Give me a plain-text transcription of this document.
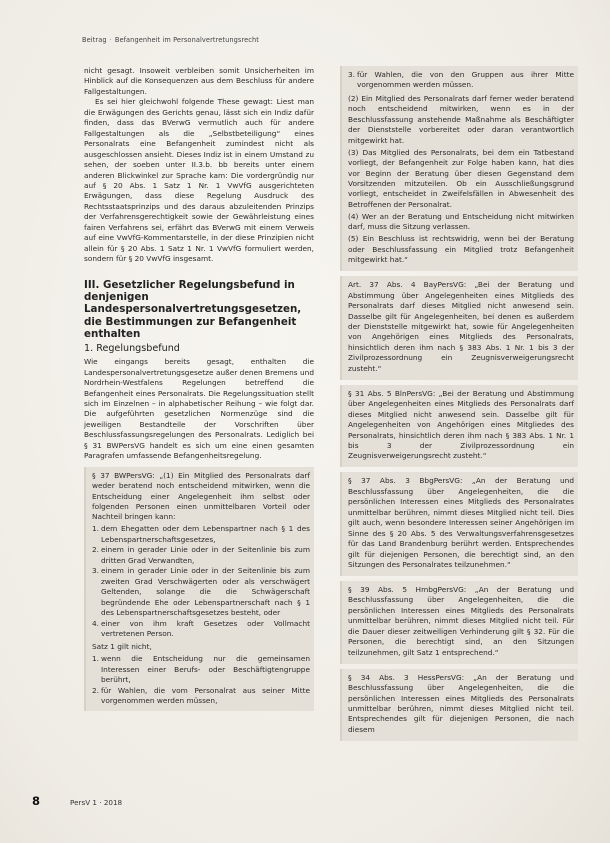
Beitrag · Befangenheit im Personalvertretungsrecht

nicht gesagt. Insoweit verbleiben somit Unsicherheiten im Hinblick auf die Konsequenzen aus dem Beschluss für andere Fallgestaltungen.

Es sei hier gleichwohl folgende These gewagt: Liest man die Erwägungen des Gerichts genau, lässt sich ein Indiz dafür finden, dass das BVerwG vermutlich auch für andere Fallgestaltungen als die „Selbstbeteiligung“ eines Personalrats eine Befangenheit zumindest nicht als ausgeschlossen ansieht. Dieses Indiz ist in einem Umstand zu sehen, der soeben unter II.3.b. bb bereits unter einem anderen Blickwinkel zur Sprache kam: Die vordergründig nur auf § 20 Abs. 1 Satz 1 Nr. 1 VwVfG ausgerichteten Erwägungen, dass diese Regelung Ausdruck des Rechtsstaatsprinzips und des daraus abzuleitenden Prinzips der Verfahrensgerechtigkeit sowie der Gewährleistung eines fairen Verfahrens sei, erfährt das BVerwG mit einem Verweis auf eine VwVfG-Kommentarstelle, in der diese Prinzipien nicht allein für § 20 Abs. 1 Satz 1 Nr. 1 VwVfG formuliert werden, sondern für § 20 VwVfG insgesamt.

III. Gesetzlicher Regelungsbefund in denjenigen Landespersonalvertretungsgesetzen, die Bestimmungen zur Befangenheit enthalten
1. Regelungsbefund

Wie eingangs bereits gesagt, enthalten die Landespersonalvertretungsgesetze außer denen Bremens und Nordrhein-Westfalens Regelungen betreffend die Befangenheit eines Personalrats. Die Regelungssituation stellt sich im Einzelnen – in alphabetischer Reihung – wie folgt dar. Die aufgeführten gesetzlichen Normenzüge sind die jeweiligen Bestandteile der Vorschriften über Beschlussfassungsregelungen des Personalrats. Lediglich bei § 31 BWPersVG handelt es sich um eine einen gesamten Paragrafen umfassende Befangenheitsregelung.

§ 37 BWPersVG: „(1) Ein Mitglied des Personalrats darf weder beratend noch entscheidend mitwirken, wenn die Entscheidung einer Angelegenheit ihm selbst oder folgenden Personen einen unmittelbaren Vorteil oder Nachteil bringen kann:

1. dem Ehegatten oder dem Lebenspartner nach § 1 des Lebenspartnerschaftsgesetzes,
2. einem in gerader Linie oder in der Seitenlinie bis zum dritten Grad Verwandten,
3. einem in gerader Linie oder in der Seitenlinie bis zum zweiten Grad Verschwägerten oder als verschwägert Geltenden, solange die die Schwägerschaft begründende Ehe oder Lebenspartnerschaft nach § 1 des Lebenspartnerschaftsgesetzes besteht, oder
4. einer von ihm kraft Gesetzes oder Vollmacht vertretenen Person.

Satz 1 gilt nicht,

1. wenn die Entscheidung nur die gemeinsamen Interessen einer Berufs- oder Beschäftigtengruppe berührt,
2. für Wahlen, die vom Personalrat aus seiner Mitte vorgenommen werden müssen,
3. für Wahlen, die von den Gruppen aus ihrer Mitte vorgenommen werden müssen.

(2) Ein Mitglied des Personalrats darf ferner weder beratend noch entscheidend mitwirken, wenn es in der Beschlussfassung anstehende Maßnahme als Beschäftigter der Dienststelle vorbereitet oder daran verantwortlich mitgewirkt hat.

(3) Das Mitglied des Personalrats, bei dem ein Tatbestand vorliegt, der Befangenheit zur Folge haben kann, hat dies vor Beginn der Beratung über diesen Gegenstand dem Vorsitzenden mitzuteilen. Ob ein Ausschließungsgrund vorliegt, entscheidet in Zweifelsfällen in Abwesenheit des Betroffenen der Personalrat.

(4) Wer an der Beratung und Entscheidung nicht mitwirken darf, muss die Sitzung verlassen.

(5) Ein Beschluss ist rechtswidrig, wenn bei der Beratung oder Beschlussfassung ein Mitglied trotz Befangenheit mitgewirkt hat.“

Art. 37 Abs. 4 BayPersVG: „Bei der Beratung und Abstimmung über Angelegenheiten eines Mitglieds des Personalrats darf dieses Mitglied nicht anwesend sein. Dasselbe gilt für Angelegenheiten, bei denen es außerdem der Dienststelle mitgewirkt hat, sowie für Angelegenheiten von Angehörigen eines Mitglieds des Personalrats, hinsichtlich deren ihm nach § 383 Abs. 1 Nr. 1 bis 3 der Zivilprozessordnung ein Zeugnisverweigerungsrecht zusteht.“

§ 31 Abs. 5 BlnPersVG: „Bei der Beratung und Abstimmung über Angelegenheiten eines Mitglieds des Personalrats darf dieses Mitglied nicht anwesend sein. Dasselbe gilt für Angelegenheiten von Angehörigen eines Mitgliedes des Personalrats, hinsichtlich deren ihm nach § 383 Abs. 1 Nr. 1 bis 3 der Zivilprozessordnung ein Zeugnisverweigerungsrecht zusteht.“

§ 37 Abs. 3 BbgPersVG: „An der Beratung und Beschlussfassung über Angelegenheiten, die die persönlichen Interessen eines Mitglieds des Personalrates unmittelbar berühren, nimmt dieses Mitglied nicht teil. Dies gilt auch, wenn besondere Interessen seiner Angehörigen im Sinne des § 20 Abs. 5 des Verwaltungsverfahrensgesetzes für das Land Brandenburg berührt werden. Entsprechendes gilt für diejenigen Personen, die berechtigt sind, an den Sitzungen des Personalrates teilzunehmen.“

§ 39 Abs. 5 HmbgPersVG: „An der Beratung und Beschlussfassung über Angelegenheiten, die die persönlichen Interessen eines Mitglieds des Personalrats unmittelbar berühren, nimmt dieses Mitglied nicht teil. Für die Dauer dieser zeitweiligen Verhinderung gilt § 32. Für die Personen, die berechtigt sind, an den Sitzungen teilzunehmen, gilt Satz 1 entsprechend.“

§ 34 Abs. 3 HessPersVG: „An der Beratung und Beschlussfassung über Angelegenheiten, die die persönlichen Interessen eines Mitglieds des Personalrats unmittelbar berühren, nimmt dieses Mitglied nicht teil. Entsprechendes gilt für diejenigen Personen, die nach diesem

8	PersV 1 · 2018
